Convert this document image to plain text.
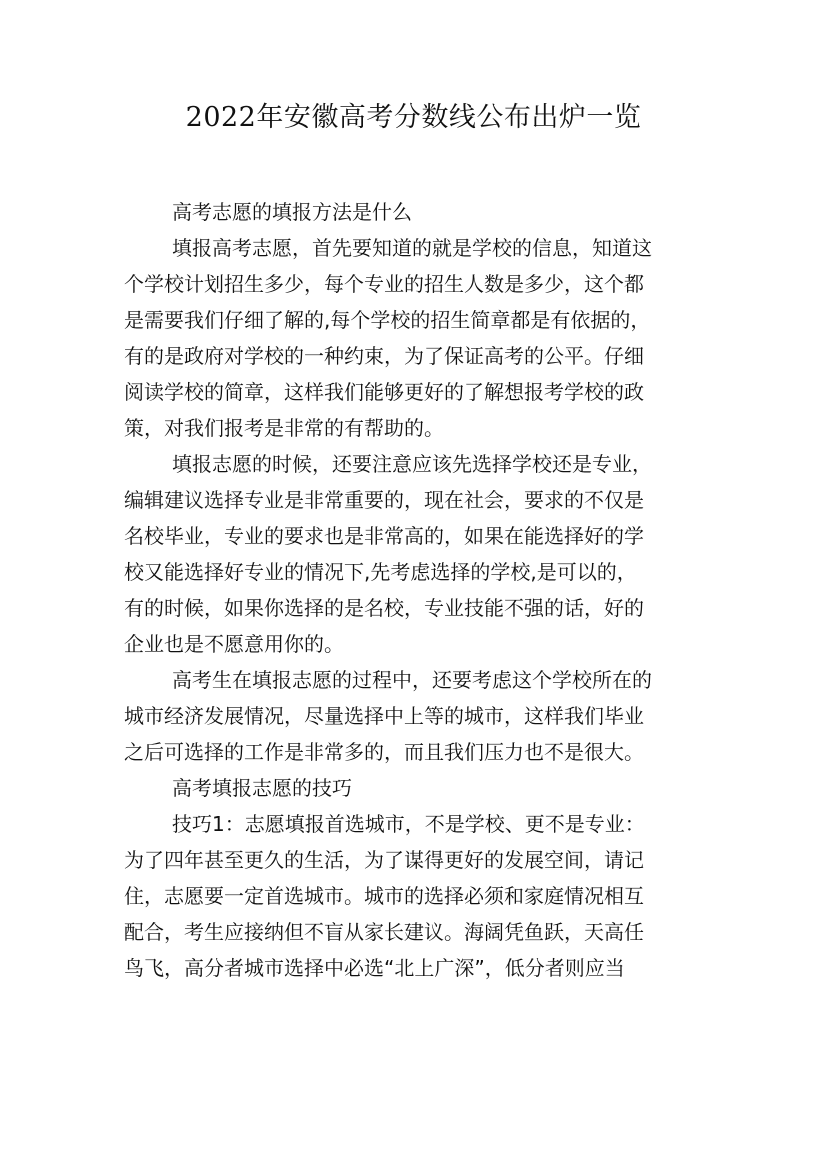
2022年安徽高考分数线公布出炉一览
高考志愿的填报方法是什么
填报高考志愿，首先要知道的就是学校的信息，知道这
个学校计划招生多少，每个专业的招生人数是多少，这个都
是需要我们仔细了解的,每个学校的招生简章都是有依据的，
有的是政府对学校的一种约束，为了保证高考的公平。仔细
阅读学校的简章，这样我们能够更好的了解想报考学校的政
策，对我们报考是非常的有帮助的。
填报志愿的时候，还要注意应该先选择学校还是专业，
编辑建议选择专业是非常重要的，现在社会，要求的不仅是
名校毕业，专业的要求也是非常高的，如果在能选择好的学
校又能选择好专业的情况下,先考虑选择的学校,是可以的，
有的时候，如果你选择的是名校，专业技能不强的话，好的
企业也是不愿意用你的。
高考生在填报志愿的过程中，还要考虑这个学校所在的
城市经济发展情况，尽量选择中上等的城市，这样我们毕业
之后可选择的工作是非常多的，而且我们压力也不是很大。
高考填报志愿的技巧
技巧1：志愿填报首选城市，不是学校、更不是专业：
为了四年甚至更久的生活，为了谋得更好的发展空间，请记
住，志愿要一定首选城市。城市的选择必须和家庭情况相互
配合，考生应接纳但不盲从家长建议。海阔凭鱼跃，天高任
鸟飞，高分者城市选择中必选“北上广深”，低分者则应当
